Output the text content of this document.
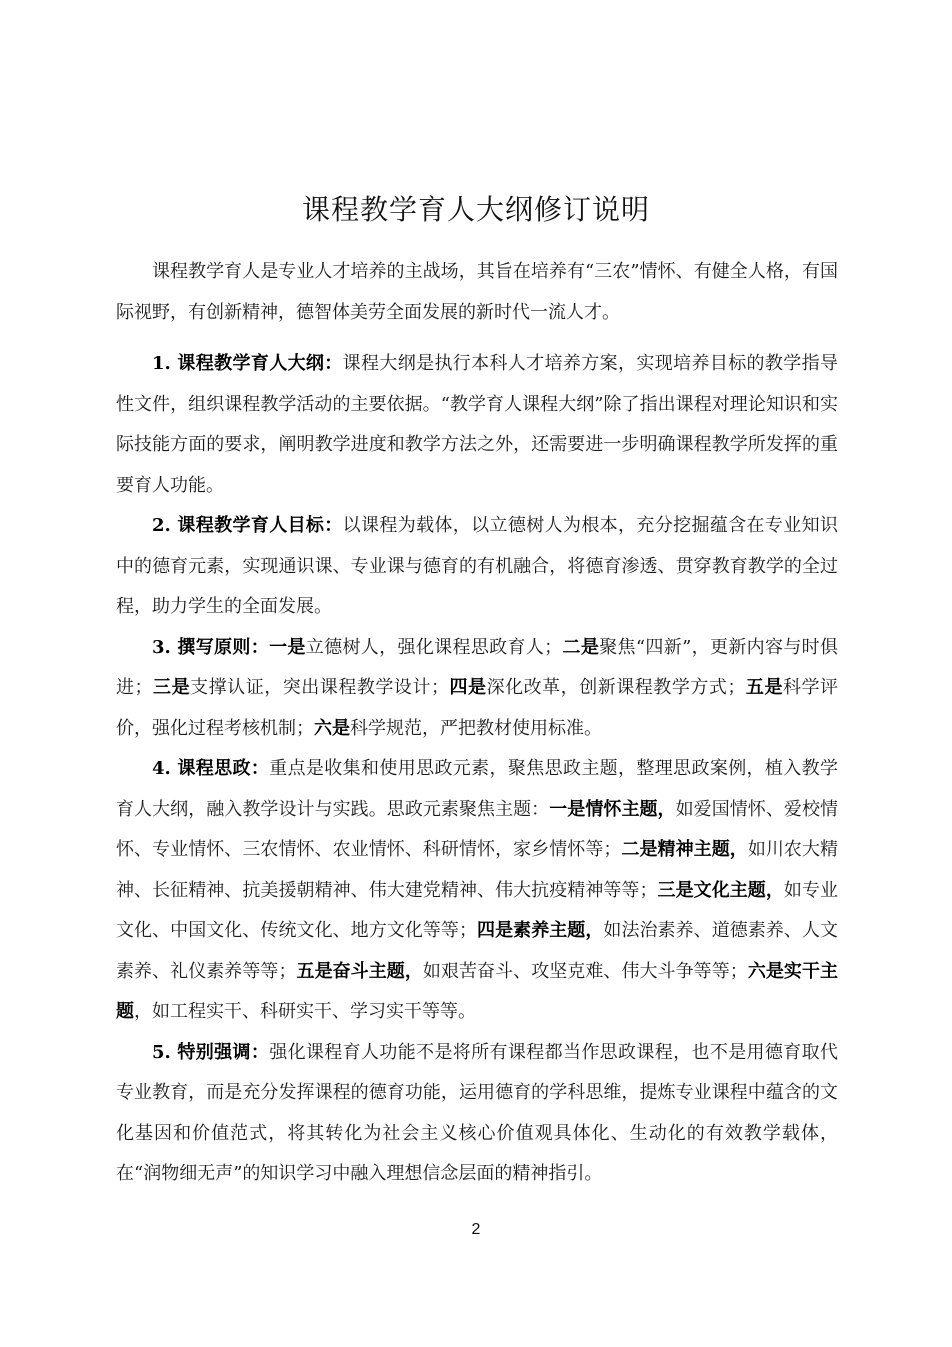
课程教学育人大纲修订说明

课程教学育人是专业人才培养的主战场，其旨在培养有“三农”情怀、有健全人格，有国际视野，有创新精神，德智体美劳全面发展的新时代一流人才。

1. 课程教学育人大纲：课程大纲是执行本科人才培养方案，实现培养目标的教学指导性文件，组织课程教学活动的主要依据。“教学育人课程大纲”除了指出课程对理论知识和实际技能方面的要求，阐明教学进度和教学方法之外，还需要进一步明确课程教学所发挥的重要育人功能。

2. 课程教学育人目标：以课程为载体，以立德树人为根本，充分挖掘蕴含在专业知识中的德育元素，实现通识课、专业课与德育的有机融合，将德育渗透、贯穿教育教学的全过程，助力学生的全面发展。

3. 撰写原则：一是立德树人，强化课程思政育人；二是聚焦“四新”，更新内容与时俱进；三是支撑认证，突出课程教学设计；四是深化改革，创新课程教学方式；五是科学评价，强化过程考核机制；六是科学规范，严把教材使用标准。

4. 课程思政：重点是收集和使用思政元素，聚焦思政主题，整理思政案例，植入教学育人大纲，融入教学设计与实践。思政元素聚焦主题：一是情怀主题，如爱国情怀、爱校情怀、专业情怀、三农情怀、农业情怀、科研情怀，家乡情怀等；二是精神主题，如川农大精神、长征精神、抗美援朝精神、伟大建党精神、伟大抗疫精神等等；三是文化主题，如专业文化、中国文化、传统文化、地方文化等等；四是素养主题，如法治素养、道德素养、人文素养、礼仪素养等等；五是奋斗主题，如艰苦奋斗、攻坚克难、伟大斗争等等；六是实干主题，如工程实干、科研实干、学习实干等等。

5. 特别强调：强化课程育人功能不是将所有课程都当作思政课程，也不是用德育取代专业教育，而是充分发挥课程的德育功能，运用德育的学科思维，提炼专业课程中蕴含的文化基因和价值范式，将其转化为社会主义核心价值观具体化、生动化的有效教学载体，在“润物细无声”的知识学习中融入理想信念层面的精神指引。

2
